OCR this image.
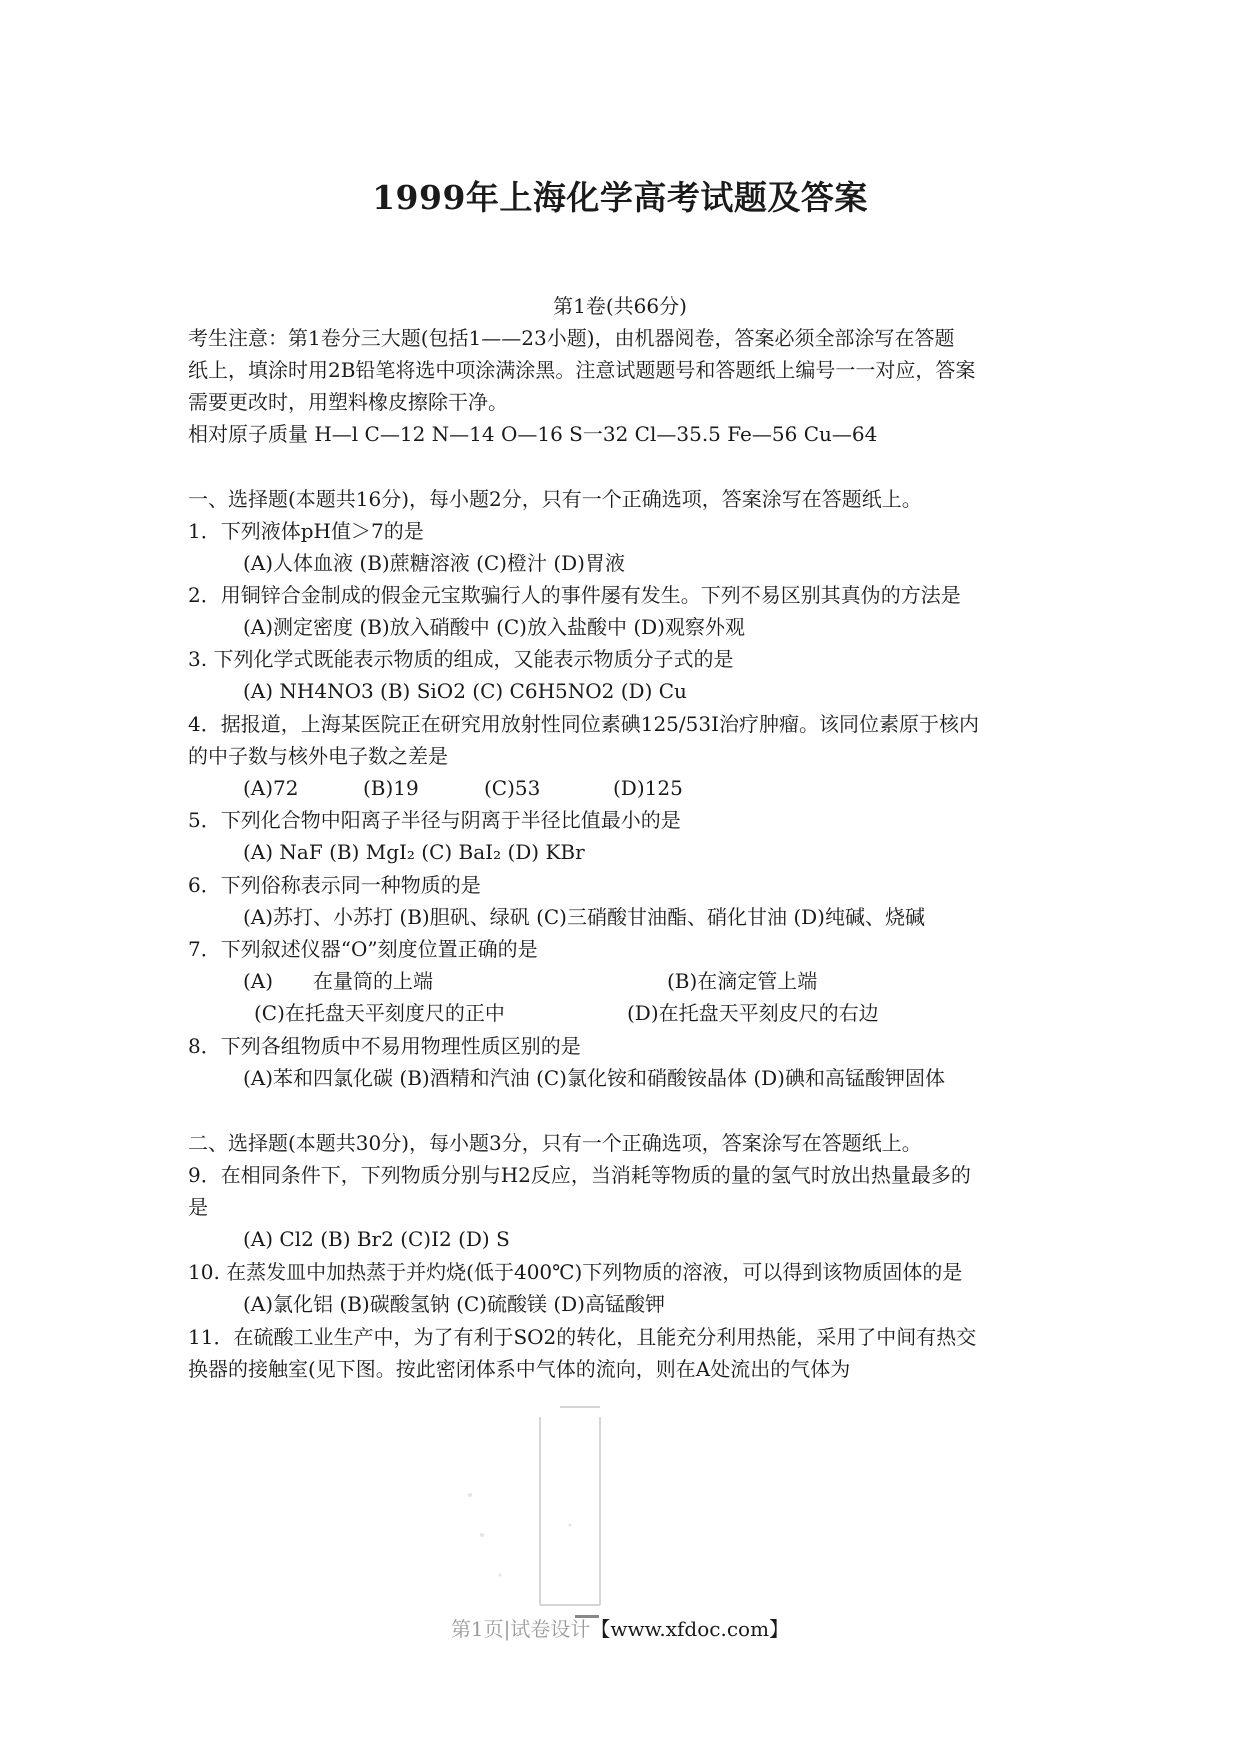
1999年上海化学高考试题及答案
第1卷(共66分)
考生注意：第1卷分三大题(包括1——23小题)，由机器阅卷，答案必须全部涂写在答题
纸上，填涂时用2B铅笔将选中项涂满涂黑。注意试题题号和答题纸上编号一一对应，答案
需要更改时，用塑料橡皮擦除干净。
相对原子质量 H—l C—12 N—14 O—16 S一32 Cl—35.5 Fe—56 Cu—64
一、选择题(本题共16分)，每小题2分，只有一个正确选项，答案涂写在答题纸上。
1．下列液体pH值＞7的是
(A)人体血液 (B)蔗糖溶液 (C)橙汁 (D)胃液
2．用铜锌合金制成的假金元宝欺骗行人的事件屡有发生。下列不易区别其真伪的方法是
(A)测定密度 (B)放入硝酸中 (C)放入盐酸中 (D)观察外观
3. 下列化学式既能表示物质的组成，又能表示物质分子式的是
(A) NH4NO3 (B) SiO2 (C) C6H5NO2 (D) Cu
4．据报道，上海某医院正在研究用放射性同位素碘125/53I治疗肿瘤。该同位素原于核内
的中子数与核外电子数之差是
(A)72	(B)19	(C)53	(D)125
5．下列化合物中阳离子半径与阴离于半径比值最小的是
(A) NaF (B) MgI₂ (C) BaI₂ (D) KBr
6．下列俗称表示同一种物质的是
(A)苏打、小苏打 (B)胆矾、绿矾 (C)三硝酸甘油酯、硝化甘油 (D)纯碱、烧碱
7．下列叙述仪器“O”刻度位置正确的是
(A)　　在量筒的上端	(B)在滴定管上端
(C)在托盘天平刻度尺的正中	(D)在托盘天平刻皮尺的右边
8．下列各组物质中不易用物理性质区别的是
(A)苯和四氯化碳 (B)酒精和汽油 (C)氯化铵和硝酸铵晶体 (D)碘和高锰酸钾固体
二、选择题(本题共30分)，每小题3分，只有一个正确选项，答案涂写在答题纸上。
9．在相同条件下，下列物质分别与H2反应，当消耗等物质的量的氢气时放出热量最多的
是
(A) Cl2 (B) Br2 (C)I2 (D) S
10. 在蒸发皿中加热蒸于并灼烧(低于400℃)下列物质的溶液，可以得到该物质固体的是
(A)氯化铝 (B)碳酸氢钠 (C)硫酸镁 (D)高锰酸钾
11．在硫酸工业生产中，为了有利于SO2的转化，且能充分利用热能，采用了中间有热交
换器的接触室(见下图。按此密闭体系中气体的流向，则在A处流出的气体为
第1页|试卷设计【www.xfdoc.com】
